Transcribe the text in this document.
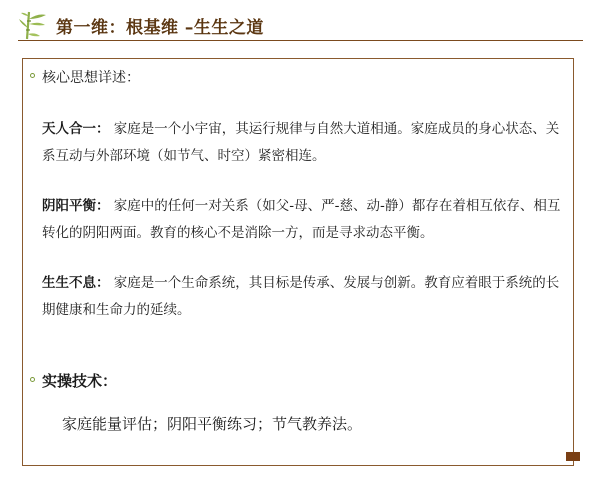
第一维：根基维 –生生之道
核心思想详述：
天人合一： 家庭是一个小宇宙，其运行规律与自然大道相通。家庭成员的身心状态、关系互动与外部环境（如节气、时空）紧密相连。
阴阳平衡： 家庭中的任何一对关系（如父-母、严-慈、动-静）都存在着相互依存、相互转化的阴阳两面。教育的核心不是消除一方，而是寻求动态平衡。
生生不息： 家庭是一个生命系统，其目标是传承、发展与创新。教育应着眼于系统的长期健康和生命力的延续。
实操技术：
家庭能量评估；阴阳平衡练习；节气教养法。
